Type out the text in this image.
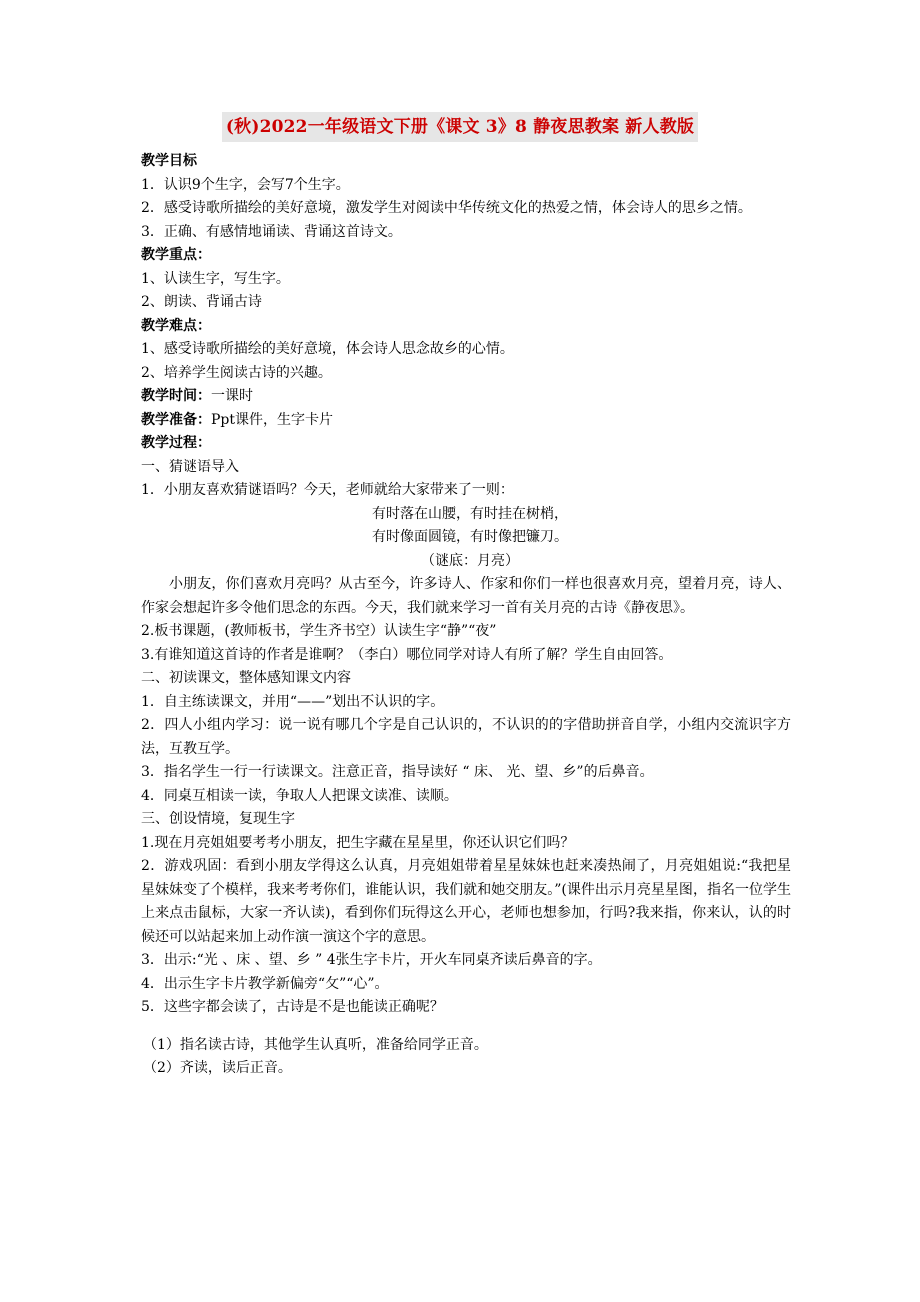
(秋)2022一年级语文下册《课文 3》8 静夜思教案 新人教版
教学目标
1．认识9个生字，会写7个生字。
2．感受诗歌所描绘的美好意境，激发学生对阅读中华传统文化的热爱之情，体会诗人的思乡之情。
3．正确、有感情地诵读、背诵这首诗文。
教学重点：
1、认读生字，写生字。
2、朗读、背诵古诗
教学难点：
1、感受诗歌所描绘的美好意境，体会诗人思念故乡的心情。
2、培养学生阅读古诗的兴趣。
教学时间：一课时
教学准备：Ppt课件，生字卡片
教学过程：
一、猜谜语导入
1．小朋友喜欢猜谜语吗？今天，老师就给大家带来了一则：
有时落在山腰，有时挂在树梢，
有时像面圆镜，有时像把镰刀。
（谜底：月亮）
小朋友，你们喜欢月亮吗？从古至今，许多诗人、作家和你们一样也很喜欢月亮，望着月亮，诗人、作家会想起许多令他们思念的东西。今天，我们就来学习一首有关月亮的古诗《静夜思》。
2.板书课题，(教师板书，学生齐书空）认读生字“静”“夜”
3.有谁知道这首诗的作者是谁啊？（李白）哪位同学对诗人有所了解？学生自由回答。
二、初读课文，整体感知课文内容
1．自主练读课文，并用“——”划出不认识的字。
2．四人小组内学习：说一说有哪几个字是自己认识的，不认识的的字借助拼音自学，小组内交流识字方法，互教互学。
3．指名学生一行一行读课文。注意正音，指导读好 “ 床、 光、望、乡”的后鼻音。
4．同桌互相读一读，争取人人把课文读准、读顺。
三、创设情境，复现生字
1.现在月亮姐姐要考考小朋友，把生字藏在星星里，你还认识它们吗？
2．游戏巩固：看到小朋友学得这么认真，月亮姐姐带着星星妹妹也赶来凑热闹了，月亮姐姐说:“我把星星妹妹变了个模样，我来考考你们，谁能认识，我们就和她交朋友。”(课件出示月亮星星图，指名一位学生上来点击鼠标，大家一齐认读)，看到你们玩得这么开心，老师也想参加，行吗?我来指，你来认，认的时候还可以站起来加上动作演一演这个字的意思。
3．出示:“光 、床 、望、乡 ” 4张生字卡片，开火车同桌齐读后鼻音的字。
4．出示生字卡片教学新偏旁“攵”“心”。
5．这些字都会读了，古诗是不是也能读正确呢？
（1）指名读古诗，其他学生认真听，准备给同学正音。
（2）齐读，读后正音。
